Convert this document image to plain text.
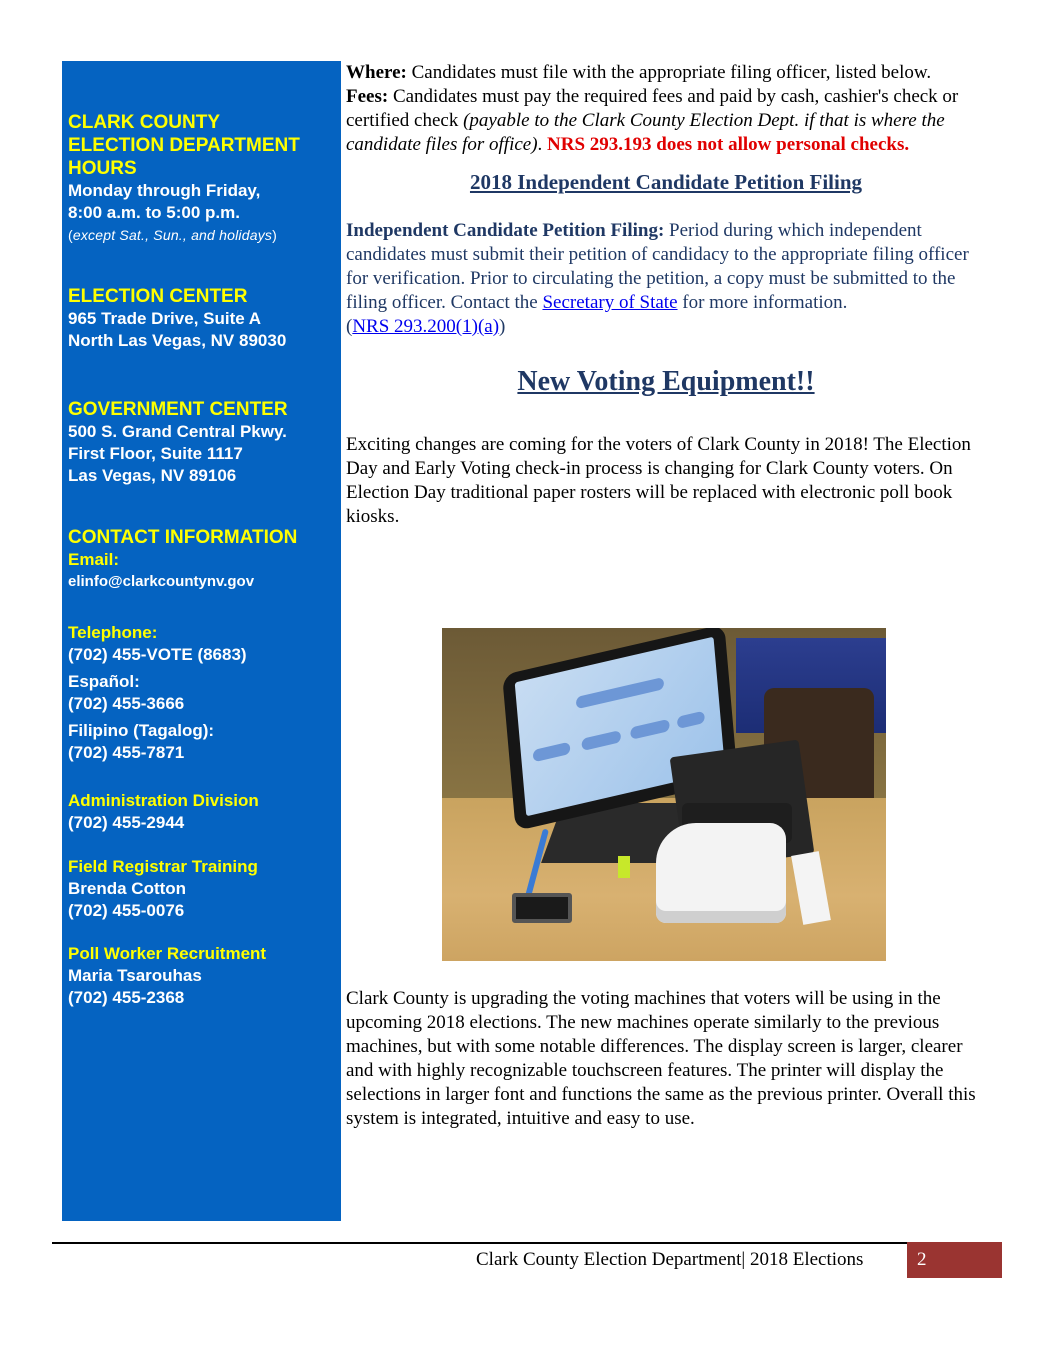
CLARK COUNTY

ELECTION DEPARTMENT

HOURS

Monday through Friday,

8:00 a.m. to 5:00 p.m.

(except Sat., Sun., and holidays)

ELECTION CENTER

965 Trade Drive, Suite A

North Las Vegas, NV 89030

GOVERNMENT CENTER

500 S. Grand Central Pkwy.

First Floor, Suite 1117

Las Vegas, NV 89106

CONTACT INFORMATION

Email:

elinfo@clarkcountynv.gov

Telephone:

(702) 455-VOTE (8683)

Español:

(702) 455-3666

Filipino (Tagalog):

(702) 455-7871

Administration Division

(702) 455-2944

Field Registrar Training

Brenda Cotton

(702) 455-0076

Poll Worker Recruitment

Maria Tsarouhas

(702) 455-2368

Where: Candidates must file with the appropriate filing officer, listed below.

Fees: Candidates must pay the required fees and paid by cash, cashier's check or certified check (payable to the Clark County Election Dept. if that is where the candidate files for office). NRS 293.193 does not allow personal checks.

2018 Independent Candidate Petition Filing

Independent Candidate Petition Filing: Period during which independent candidates must submit their petition of candidacy to the appropriate filing officer for verification. Prior to circulating the petition, a copy must be submitted to the filing officer. Contact the Secretary of State for more information.

(NRS 293.200(1)(a))

New Voting Equipment!!

Exciting changes are coming for the voters of Clark County in 2018! The Election Day and Early Voting check-in process is changing for Clark County voters. On Election Day traditional paper rosters will be replaced with electronic poll book kiosks.

Clark County is upgrading the voting machines that voters will be using in the upcoming 2018 elections. The new machines operate similarly to the previous machines, but with some notable differences. The display screen is larger, clearer and with highly recognizable touchscreen features. The printer will display the selections in larger font and functions the same as the previous printer. Overall this system is integrated, intuitive and easy to use.

Clark County Election Department| 2018 Elections	2
